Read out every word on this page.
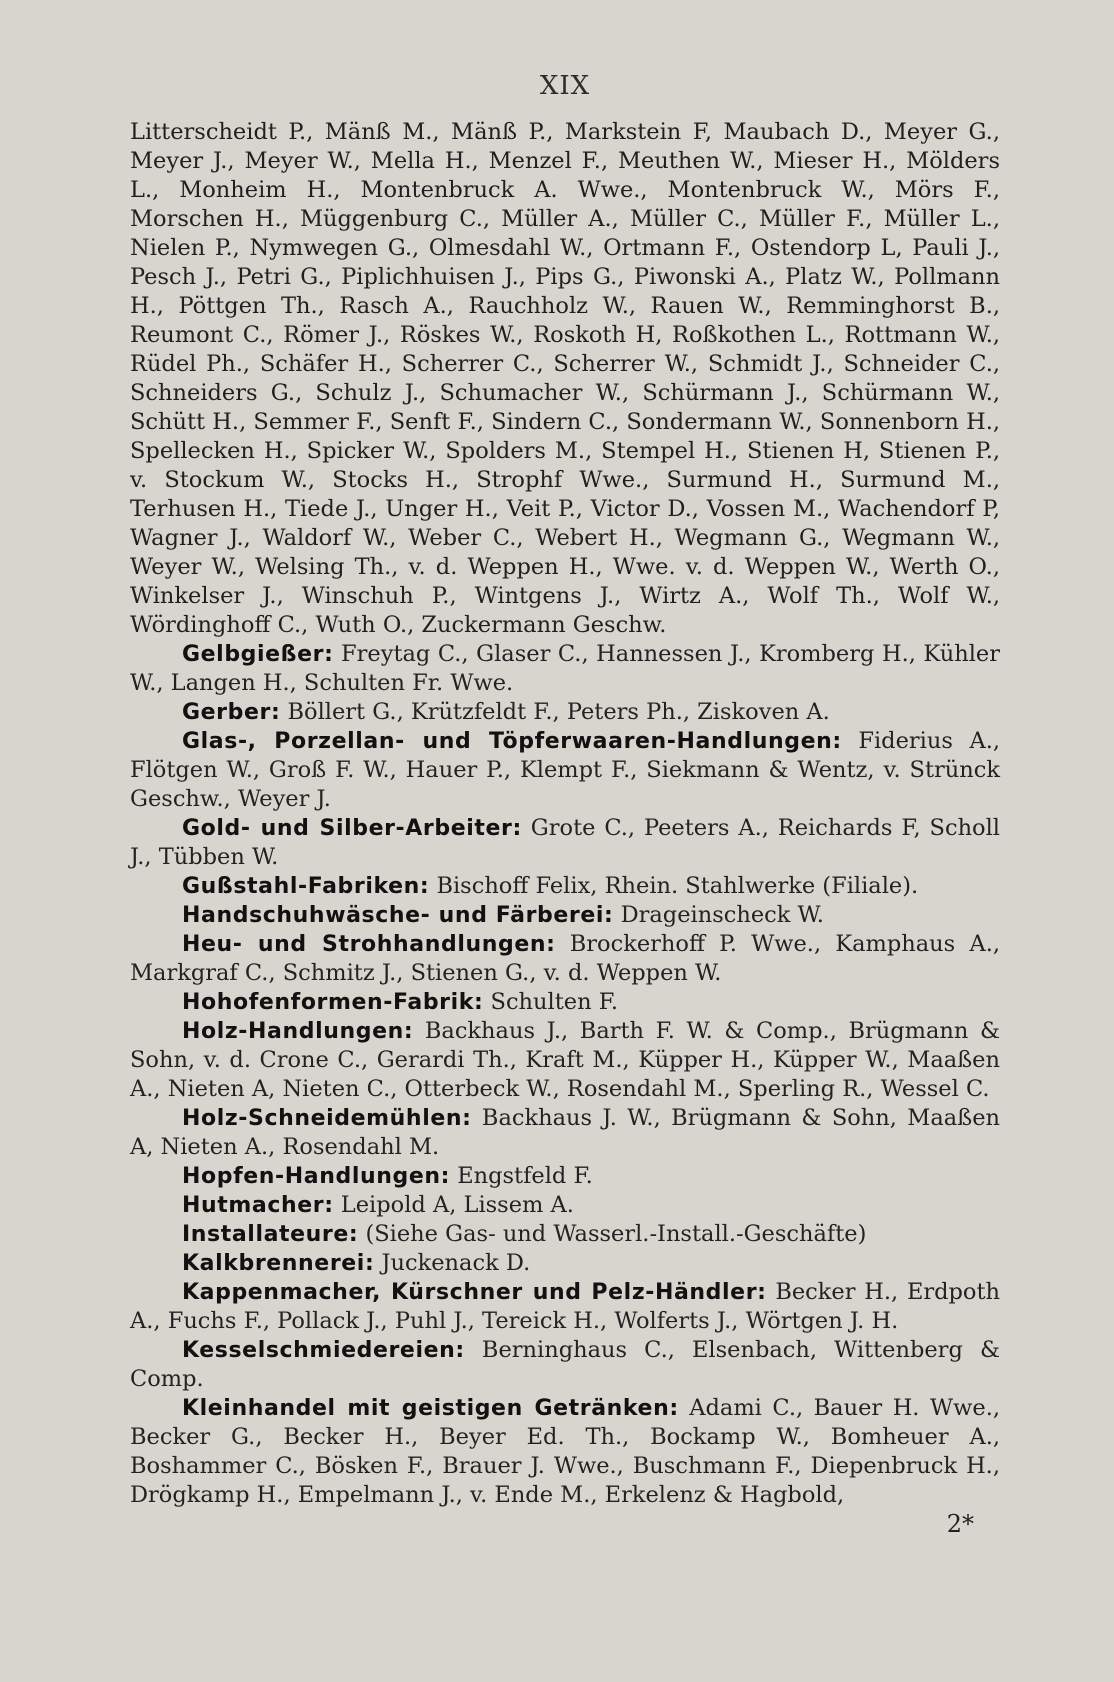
XIX

Litterscheidt P., Mänß M., Mänß P., Markstein F, Maubach D., Meyer G., Meyer J., Meyer W., Mella H., Menzel F., Meuthen W., Mieser H., Mölders L., Monheim H., Montenbruck A. Wwe., Montenbruck W., Mörs F., Morschen H., Müggenburg C., Müller A., Müller C., Müller F., Müller L., Nielen P., Nymwegen G., Olmesdahl W., Ortmann F., Ostendorp L, Pauli J., Pesch J., Petri G., Piplichhuisen J., Pips G., Piwonski A., Platz W., Pollmann H., Pöttgen Th., Rasch A., Rauchholz W., Rauen W., Remminghorst B., Reumont C., Römer J., Röskes W., Roskoth H, Roßkothen L., Rottmann W., Rüdel Ph., Schäfer H., Scherrer C., Scherrer W., Schmidt J., Schneider C., Schneiders G., Schulz J., Schumacher W., Schürmann J., Schürmann W., Schütt H., Semmer F., Senft F., Sindern C., Sondermann W., Sonnenborn H., Spellecken H., Spicker W., Spolders M., Stempel H., Stienen H, Stienen P., v. Stockum W., Stocks H., Strophf Wwe., Surmund H., Surmund M., Terhusen H., Tiede J., Unger H., Veit P., Victor D., Vossen M., Wachendorf P, Wagner J., Waldorf W., Weber C., Webert H., Wegmann G., Wegmann W., Weyer W., Welsing Th., v. d. Weppen H., Wwe. v. d. Weppen W., Werth O., Winkelser J., Winschuh P., Wintgens J., Wirtz A., Wolf Th., Wolf W., Wördinghoff C., Wuth O., Zuckermann Geschw.

Gelbgießer: Freytag C., Glaser C., Hannessen J., Kromberg H., Kühler W., Langen H., Schulten Fr. Wwe.

Gerber: Böllert G., Krützfeldt F., Peters Ph., Ziskoven A.

Glas-, Porzellan- und Töpferwaaren-Handlungen: Fiderius A., Flötgen W., Groß F. W., Hauer P., Klempt F., Siekmann & Wentz, v. Strünck Geschw., Weyer J.

Gold- und Silber-Arbeiter: Grote C., Peeters A., Reichards F, Scholl J., Tübben W.

Gußstahl-Fabriken: Bischoff Felix, Rhein. Stahlwerke (Filiale).

Handschuhwäsche- und Färberei: Drageinscheck W.

Heu- und Strohhandlungen: Brockerhoff P. Wwe., Kamphaus A., Markgraf C., Schmitz J., Stienen G., v. d. Weppen W.

Hohofenformen-Fabrik: Schulten F.

Holz-Handlungen: Backhaus J., Barth F. W. & Comp., Brügmann & Sohn, v. d. Crone C., Gerardi Th., Kraft M., Küpper H., Küpper W., Maaßen A., Nieten A, Nieten C., Otterbeck W., Rosendahl M., Sperling R., Wessel C.

Holz-Schneidemühlen: Backhaus J. W., Brügmann & Sohn, Maaßen A, Nieten A., Rosendahl M.

Hopfen-Handlungen: Engstfeld F.

Hutmacher: Leipold A, Lissem A.

Installateure: (Siehe Gas- und Wasserl.-Install.-Geschäfte)

Kalkbrennerei: Juckenack D.

Kappenmacher, Kürschner und Pelz-Händler: Becker H., Erdpoth A., Fuchs F., Pollack J., Puhl J., Tereick H., Wolferts J., Wörtgen J. H.

Kesselschmiedereien: Berninghaus C., Elsenbach, Wittenberg & Comp.

Kleinhandel mit geistigen Getränken: Adami C., Bauer H. Wwe., Becker G., Becker H., Beyer Ed. Th., Bockamp W., Bomheuer A., Boshammer C., Bösken F., Brauer J. Wwe., Buschmann F., Diepenbruck H., Drögkamp H., Empelmann J., v. Ende M., Erkelenz & Hagbold,

2*
